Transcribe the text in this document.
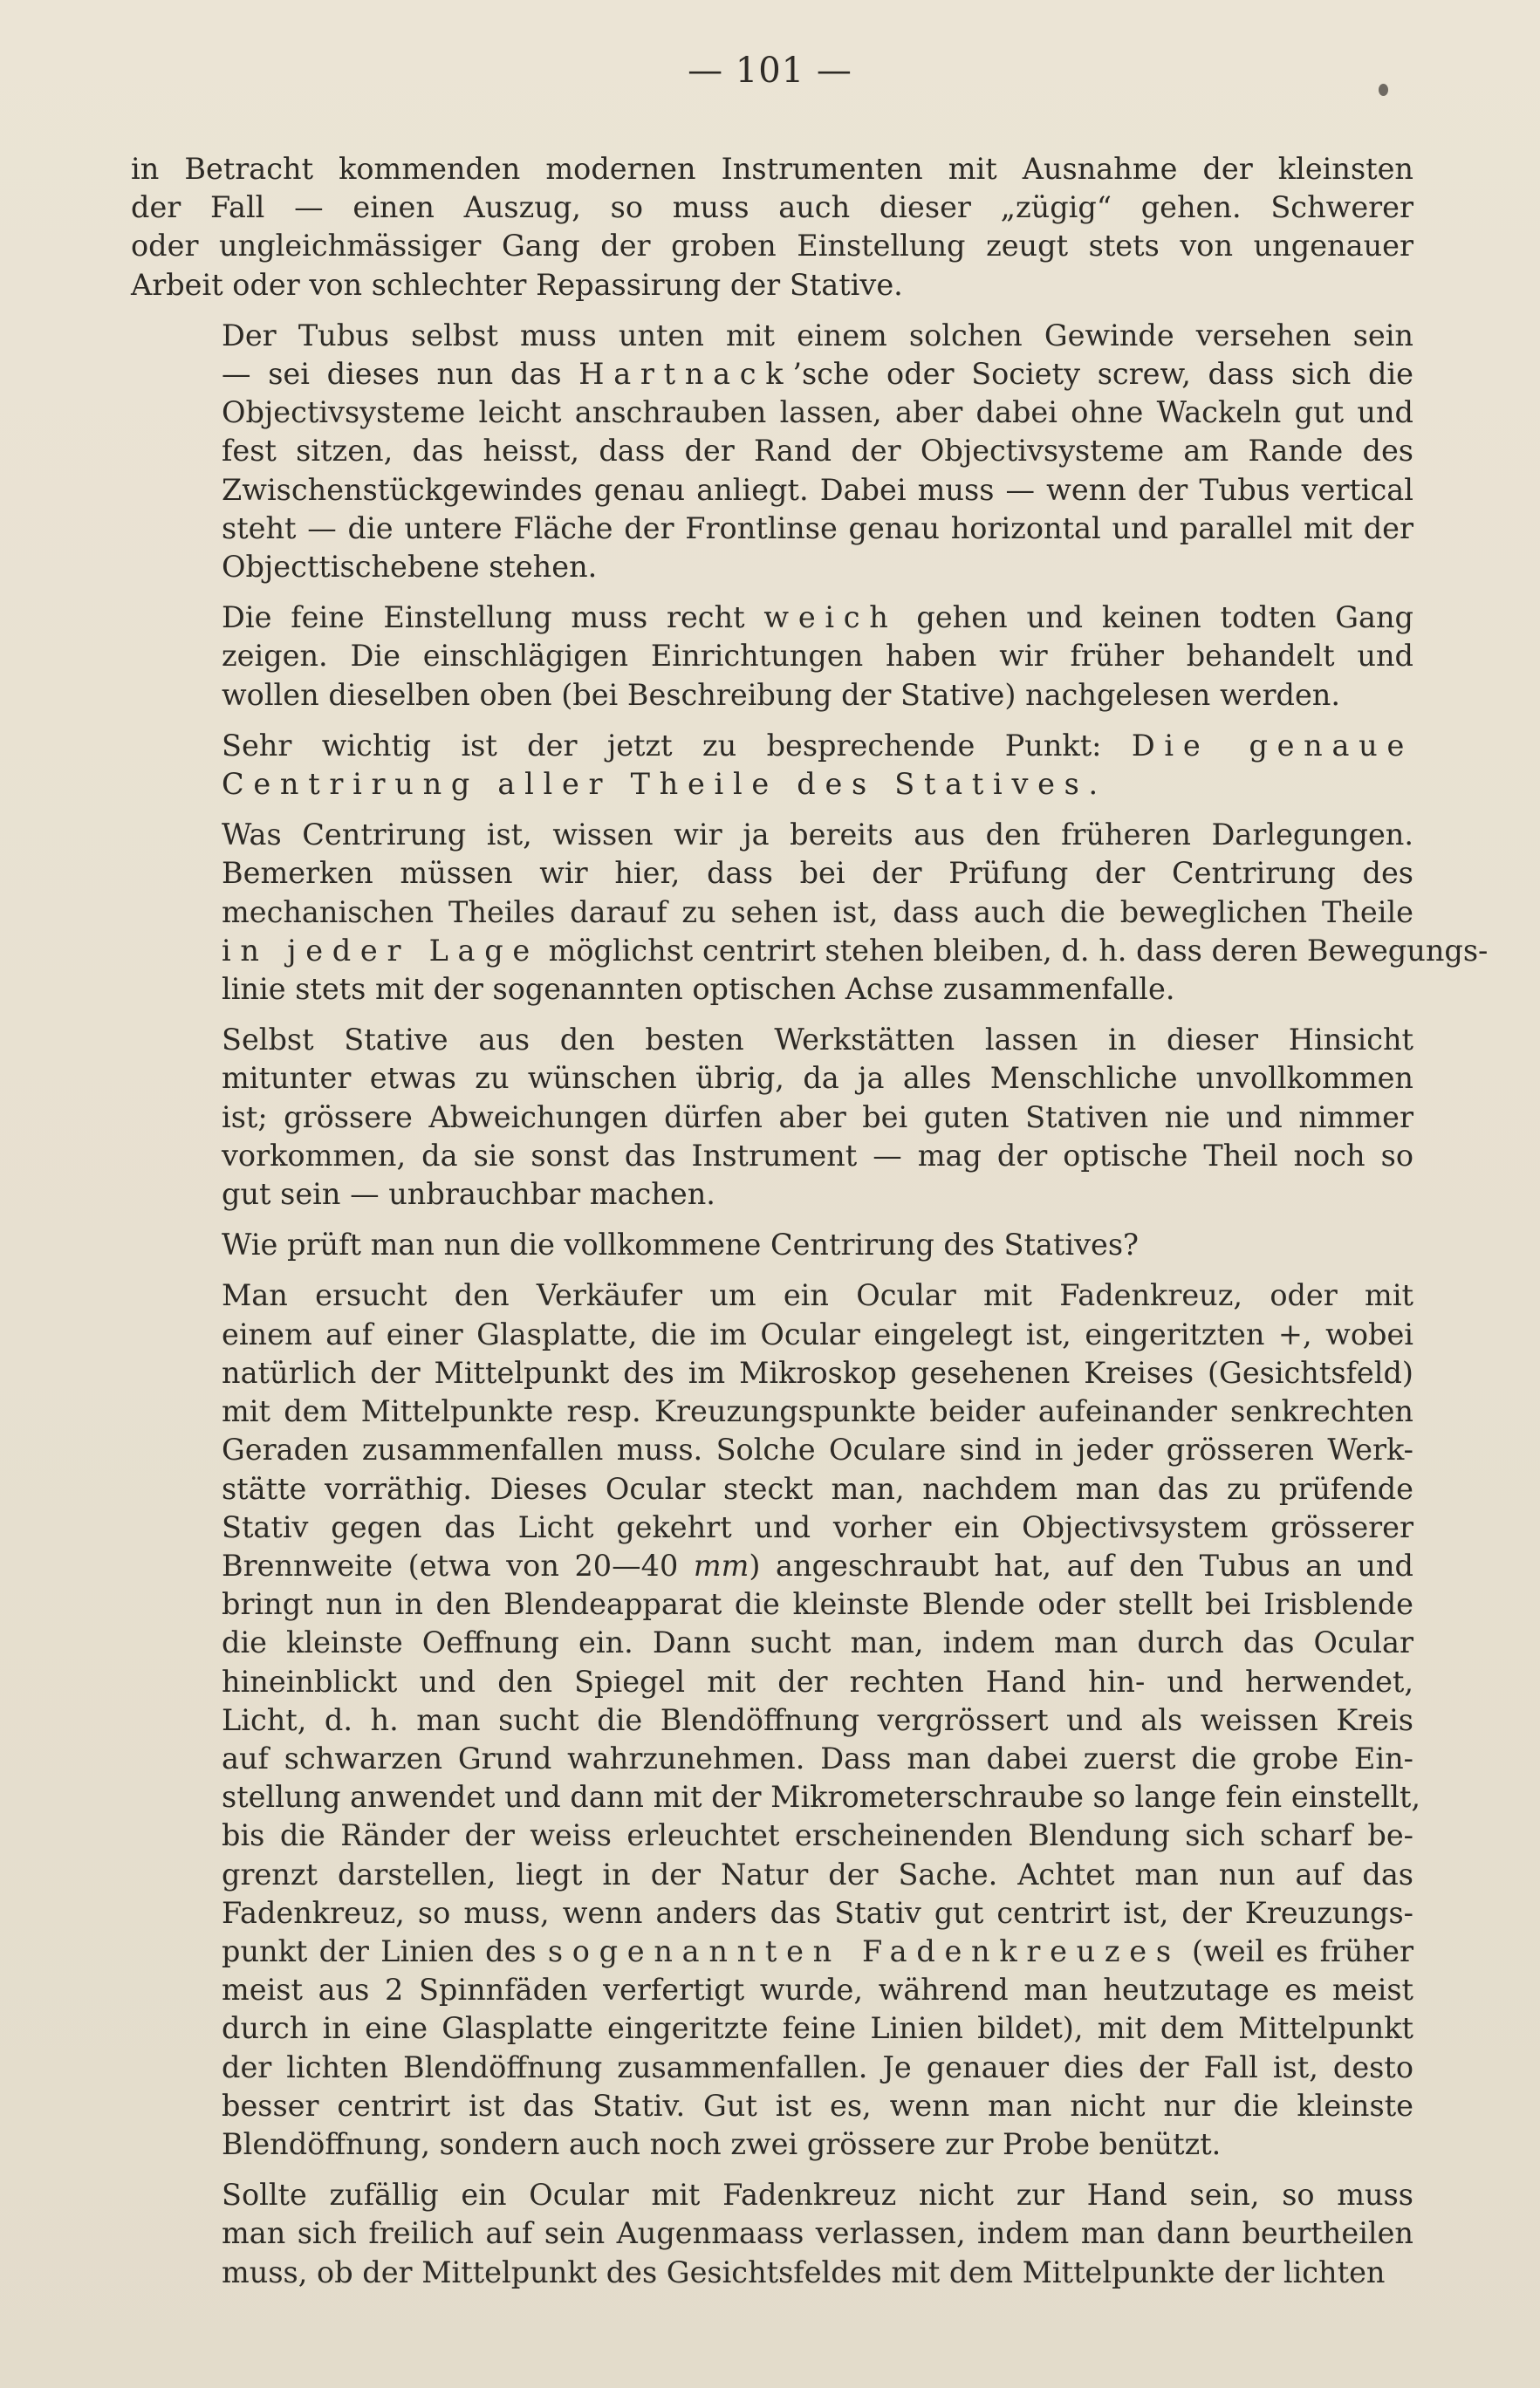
— 101 —

in Betracht kommenden modernen Instrumenten mit Ausnahme der kleinsten
der Fall — einen Auszug, so muss auch dieser „zügig“ gehen. Schwerer
oder ungleichmässiger Gang der groben Einstellung zeugt stets von ungenauer
Arbeit oder von schlechter Repassirung der Stative.

Der Tubus selbst muss unten mit einem solchen Gewinde versehen sein
— sei dieses nun das Hartnack’sche oder Society screw, dass sich die
Objectivsysteme leicht anschrauben lassen, aber dabei ohne Wackeln gut und
fest sitzen, das heisst, dass der Rand der Objectivsysteme am Rande des
Zwischenstückgewindes genau anliegt. Dabei muss — wenn der Tubus vertical
steht — die untere Fläche der Frontlinse genau horizontal und parallel mit der
Objecttischebene stehen.

Die feine Einstellung muss recht weich gehen und keinen todten Gang
zeigen. Die einschlägigen Einrichtungen haben wir früher behandelt und
wollen dieselben oben (bei Beschreibung der Stative) nachgelesen werden.

Sehr wichtig ist der jetzt zu besprechende Punkt: Die genaue
Centrirung aller Theile des Statives.

Was Centrirung ist, wissen wir ja bereits aus den früheren Darlegungen.
Bemerken müssen wir hier, dass bei der Prüfung der Centrirung des
mechanischen Theiles darauf zu sehen ist, dass auch die beweglichen Theile
in jeder Lage möglichst centrirt stehen bleiben, d. h. dass deren Bewegungs-
linie stets mit der sogenannten optischen Achse zusammenfalle.

Selbst Stative aus den besten Werkstätten lassen in dieser Hinsicht
mitunter etwas zu wünschen übrig, da ja alles Menschliche unvollkommen
ist; grössere Abweichungen dürfen aber bei guten Stativen nie und nimmer
vorkommen, da sie sonst das Instrument — mag der optische Theil noch so
gut sein — unbrauchbar machen.

Wie prüft man nun die vollkommene Centrirung des Statives?

Man ersucht den Verkäufer um ein Ocular mit Fadenkreuz, oder mit
einem auf einer Glasplatte, die im Ocular eingelegt ist, eingeritzten +, wobei
natürlich der Mittelpunkt des im Mikroskop gesehenen Kreises (Gesichtsfeld)
mit dem Mittelpunkte resp. Kreuzungspunkte beider aufeinander senkrechten
Geraden zusammenfallen muss. Solche Oculare sind in jeder grösseren Werk-
stätte vorräthig. Dieses Ocular steckt man, nachdem man das zu prüfende
Stativ gegen das Licht gekehrt und vorher ein Objectivsystem grösserer
Brennweite (etwa von 20—40 mm) angeschraubt hat, auf den Tubus an und
bringt nun in den Blendeapparat die kleinste Blende oder stellt bei Irisblende
die kleinste Oeffnung ein. Dann sucht man, indem man durch das Ocular
hineinblickt und den Spiegel mit der rechten Hand hin- und herwendet,
Licht, d. h. man sucht die Blendöffnung vergrössert und als weissen Kreis
auf schwarzen Grund wahrzunehmen. Dass man dabei zuerst die grobe Ein-
stellung anwendet und dann mit der Mikrometerschraube so lange fein einstellt,
bis die Ränder der weiss erleuchtet erscheinenden Blendung sich scharf be-
grenzt darstellen, liegt in der Natur der Sache. Achtet man nun auf das
Fadenkreuz, so muss, wenn anders das Stativ gut centrirt ist, der Kreuzungs-
punkt der Linien des sogenannten Fadenkreuzes (weil es früher
meist aus 2 Spinnfäden verfertigt wurde, während man heutzutage es meist
durch in eine Glasplatte eingeritzte feine Linien bildet), mit dem Mittelpunkt
der lichten Blendöffnung zusammenfallen. Je genauer dies der Fall ist, desto
besser centrirt ist das Stativ. Gut ist es, wenn man nicht nur die kleinste
Blendöffnung, sondern auch noch zwei grössere zur Probe benützt.

Sollte zufällig ein Ocular mit Fadenkreuz nicht zur Hand sein, so muss
man sich freilich auf sein Augenmaass verlassen, indem man dann beurtheilen
muss, ob der Mittelpunkt des Gesichtsfeldes mit dem Mittelpunkte der lichten
